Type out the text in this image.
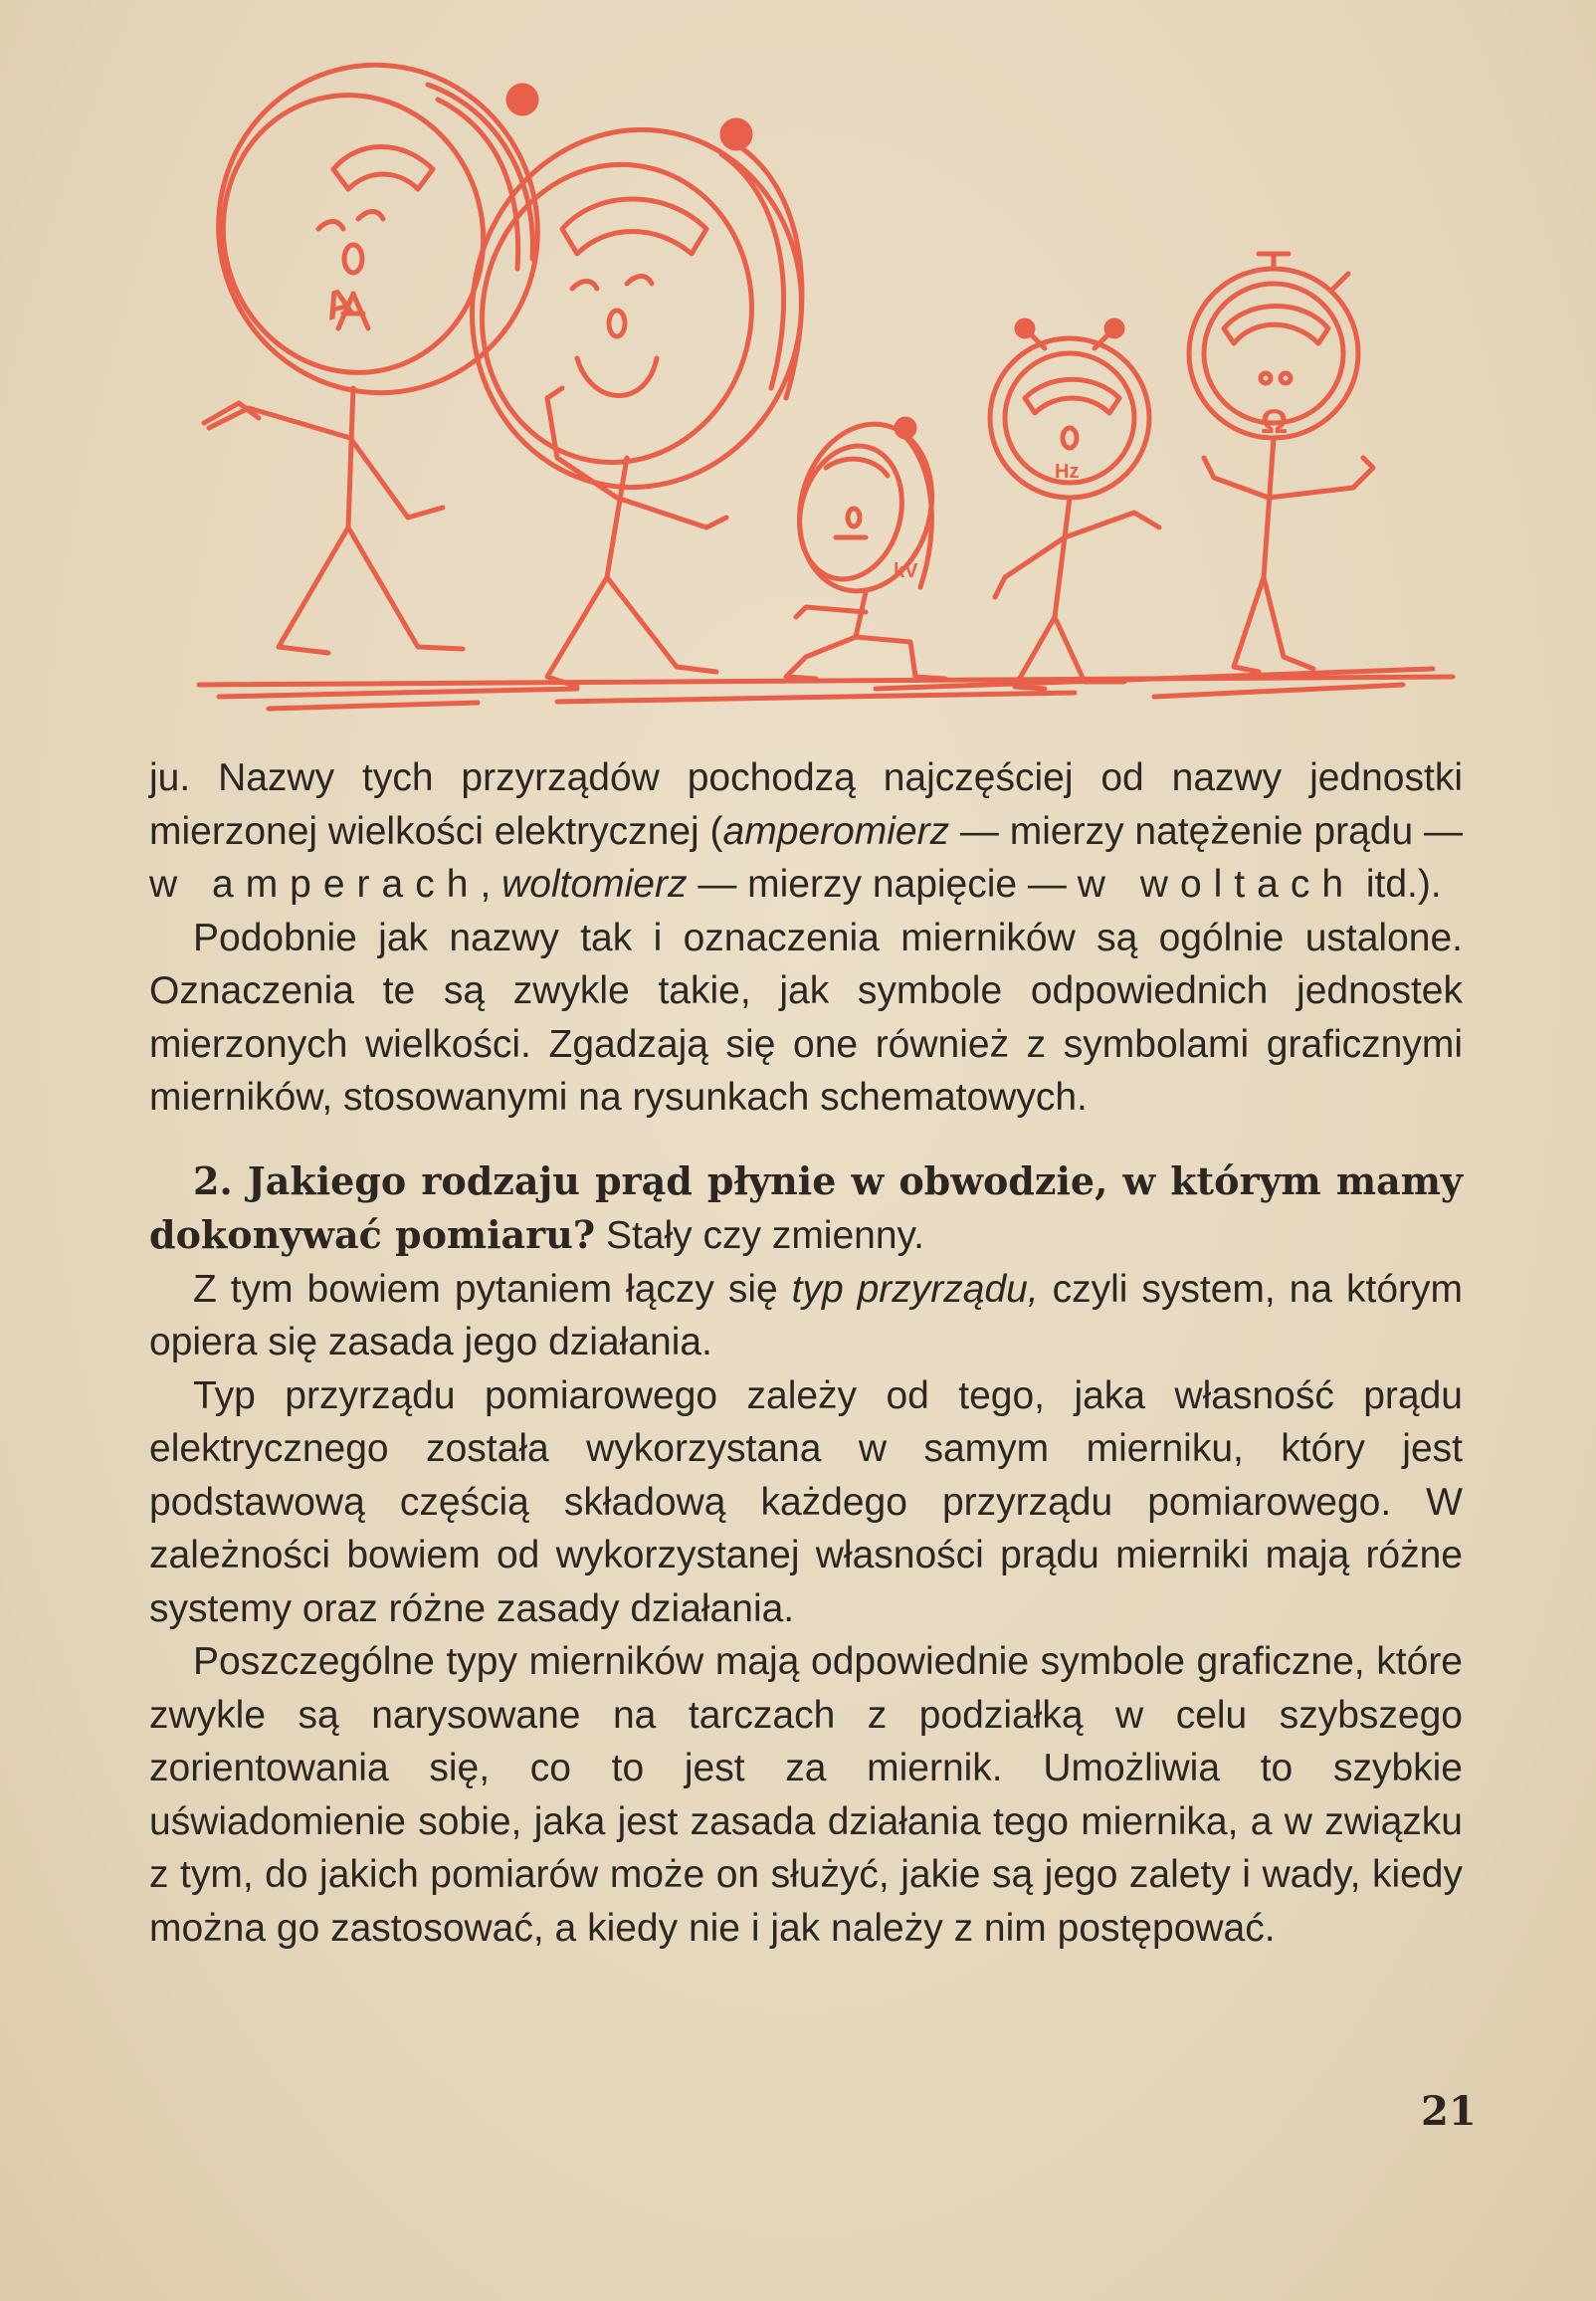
A
kV
Hz
Ω

ju. Nazwy tych przyrządów pochodzą najczęściej od nazwy jednostki mierzonej wielkości elektrycznej (amperomierz — mierzy natężenie prądu — w amperach, woltomierz — mierzy napięcie — w woltach itd.).

Podobnie jak nazwy tak i oznaczenia mierników są ogólnie ustalone. Oznaczenia te są zwykle takie, jak symbole odpowiednich jednostek mierzonych wielkości. Zgadzają się one również z symbolami graficznymi mierników, stosowanymi na rysunkach schematowych.

2. Jakiego rodzaju prąd płynie w obwodzie, w którym mamy dokonywać pomiaru? Stały czy zmienny.

Z tym bowiem pytaniem łączy się typ przyrządu, czyli system, na którym opiera się zasada jego działania.

Typ przyrządu pomiarowego zależy od tego, jaka własność prądu elektrycznego została wykorzystana w samym mierniku, który jest podstawową częścią składową każdego przyrządu pomiarowego. W zależności bowiem od wykorzystanej własności prądu mierniki mają różne systemy oraz różne zasady działania.

Poszczególne typy mierników mają odpowiednie symbole graficzne, które zwykle są narysowane na tarczach z podziałką w celu szybszego zorientowania się, co to jest za miernik. Umożliwia to szybkie uświadomienie sobie, jaka jest zasada działania tego miernika, a w związku z tym, do jakich pomiarów może on służyć, jakie są jego zalety i wady, kiedy można go zastosować, a kiedy nie i jak należy z nim postępować.

21
